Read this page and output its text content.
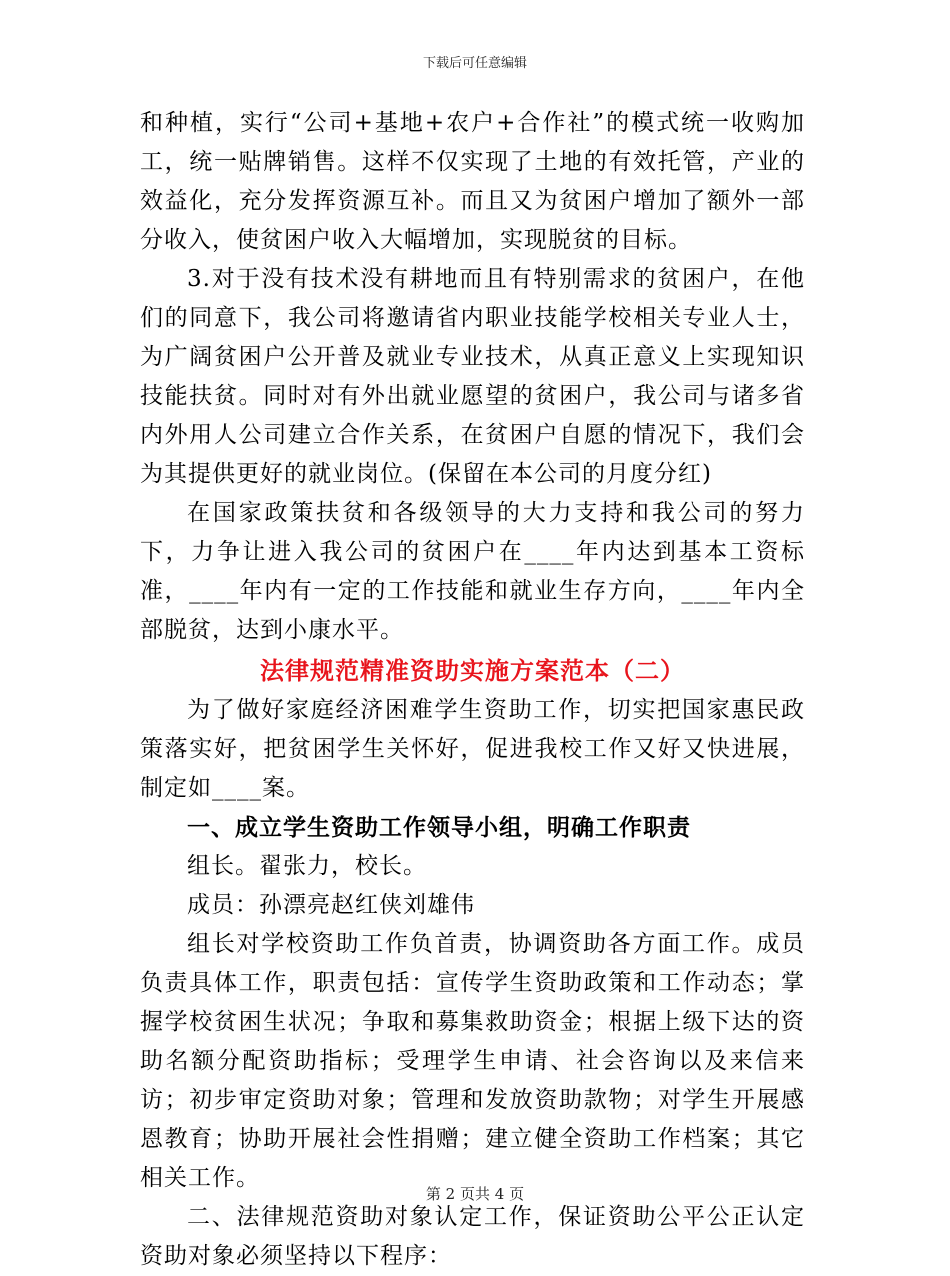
下载后可任意编辑

和种植，实行“公司+基地+农户+合作社”的模式统一收购加工，统一贴牌销售。这样不仅实现了土地的有效托管，产业的效益化，充分发挥资源互补。而且又为贫困户增加了额外一部分收入，使贫困户收入大幅增加，实现脱贫的目标。

3.对于没有技术没有耕地而且有特别需求的贫困户，在他们的同意下，我公司将邀请省内职业技能学校相关专业人士，为广阔贫困户公开普及就业专业技术，从真正意义上实现知识技能扶贫。同时对有外出就业愿望的贫困户，我公司与诸多省内外用人公司建立合作关系，在贫困户自愿的情况下，我们会为其提供更好的就业岗位。(保留在本公司的月度分红)

在国家政策扶贫和各级领导的大力支持和我公司的努力下，力争让进入我公司的贫困户在____年内达到基本工资标准，____年内有一定的工作技能和就业生存方向，____年内全部脱贫，达到小康水平。

法律规范精准资助实施方案范本（二）

为了做好家庭经济困难学生资助工作，切实把国家惠民政策落实好，把贫困学生关怀好，促进我校工作又好又快进展，制定如____案。

一、成立学生资助工作领导小组，明确工作职责

组长。翟张力，校长。

成员：孙漂亮赵红侠刘雄伟

组长对学校资助工作负首责，协调资助各方面工作。成员负责具体工作，职责包括：宣传学生资助政策和工作动态；掌握学校贫困生状况；争取和募集救助资金；根据上级下达的资助名额分配资助指标；受理学生申请、社会咨询以及来信来访；初步审定资助对象；管理和发放资助款物；对学生开展感恩教育；协助开展社会性捐赠；建立健全资助工作档案；其它相关工作。

二、法律规范资助对象认定工作，保证资助公平公正认定资助对象必须坚持以下程序：

第 2 页共 4 页
